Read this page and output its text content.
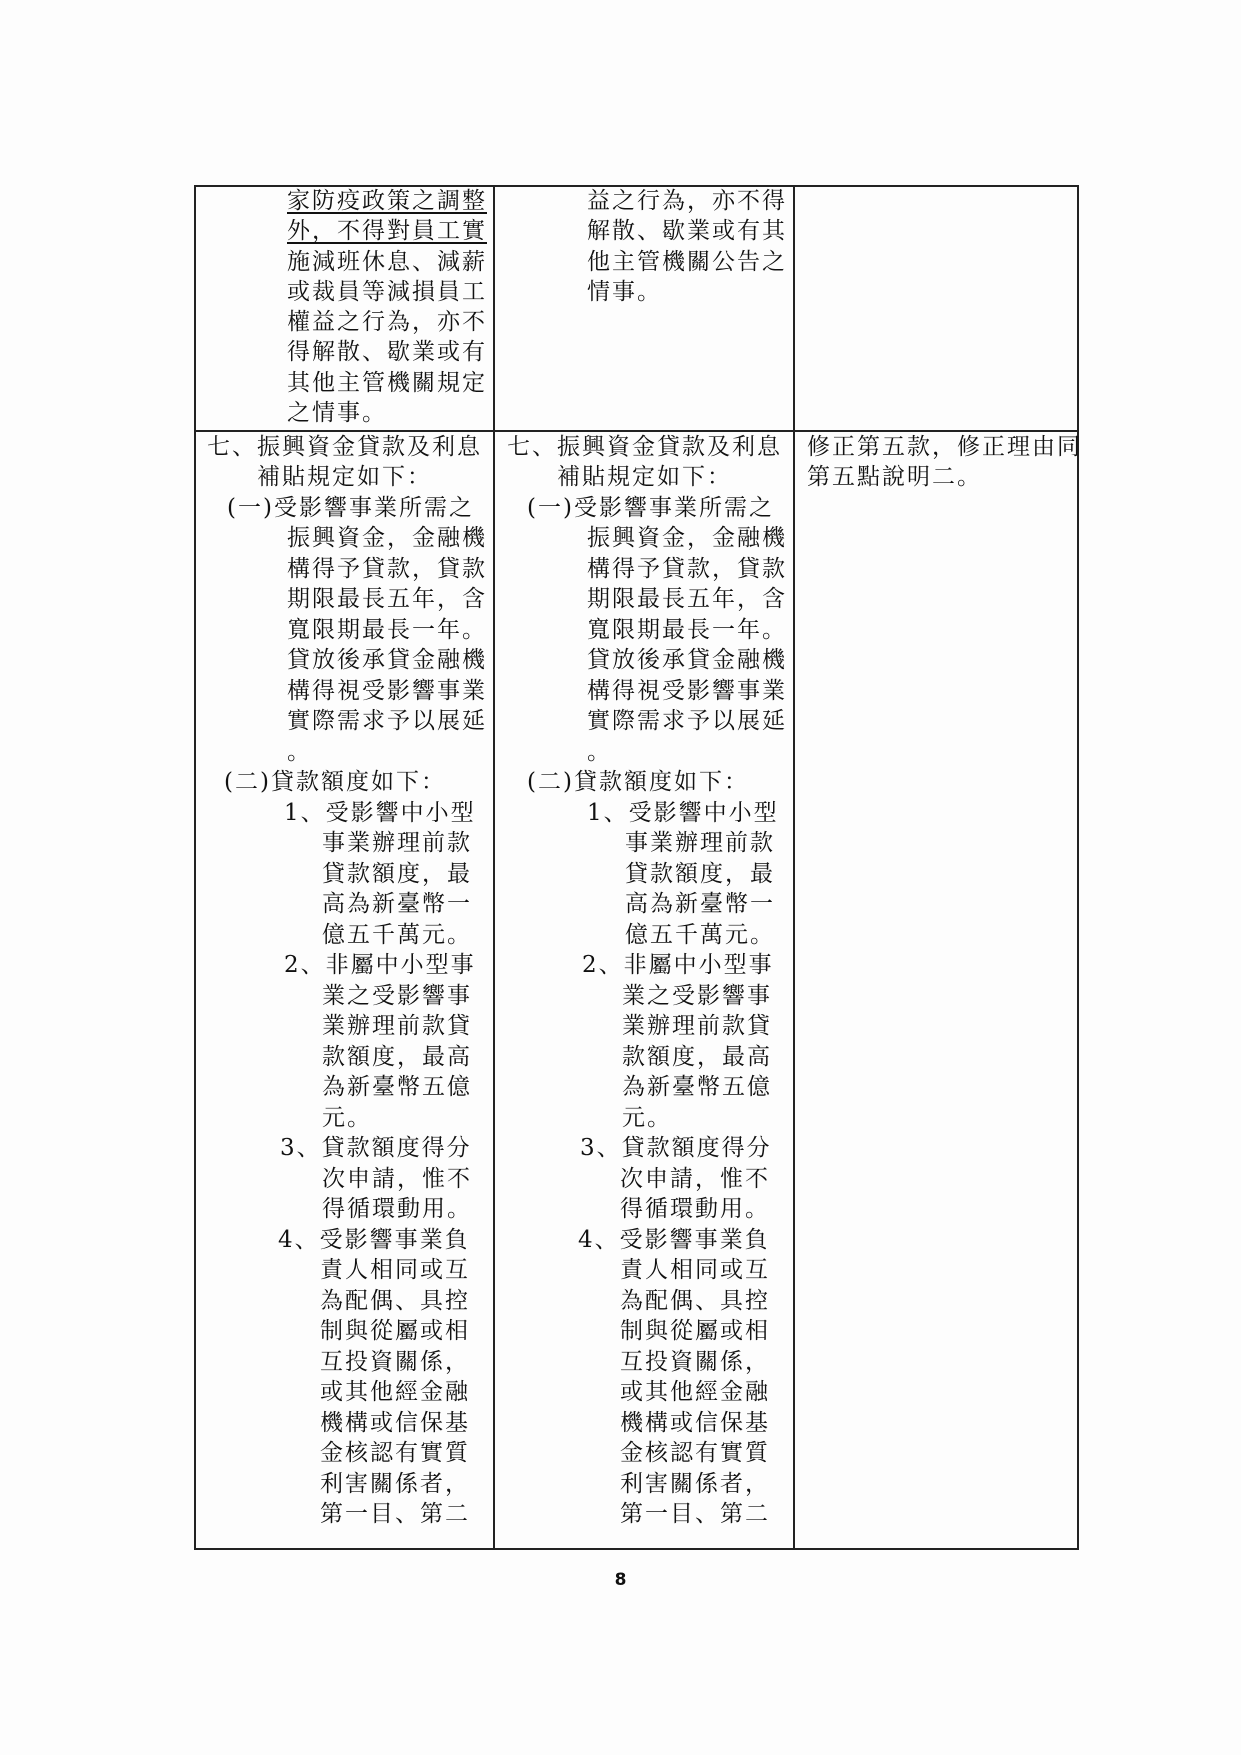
家防疫政策之調整
外，不得對員工實
施減班休息、減薪
或裁員等減損員工
權益之行為，亦不
得解散、歇業或有
其他主管機關規定
之情事。
益之行為，亦不得
解散、歇業或有其
他主管機關公告之
情事。
七、振興資金貸款及利息
補貼規定如下：
(一)受影響事業所需之
振興資金，金融機
構得予貸款，貸款
期限最長五年，含
寬限期最長一年。
貸放後承貸金融機
構得視受影響事業
實際需求予以展延
。
(二)貸款額度如下：
1、受影響中小型
事業辦理前款
貸款額度，最
高為新臺幣一
億五千萬元。
2、非屬中小型事
業之受影響事
業辦理前款貸
款額度，最高
為新臺幣五億
元。
3、貸款額度得分
次申請，惟不
得循環動用。
4、受影響事業負
責人相同或互
為配偶、具控
制與從屬或相
互投資關係，
或其他經金融
機構或信保基
金核認有實質
利害關係者，
第一目、第二
七、振興資金貸款及利息
補貼規定如下：
(一)受影響事業所需之
振興資金，金融機
構得予貸款，貸款
期限最長五年，含
寬限期最長一年。
貸放後承貸金融機
構得視受影響事業
實際需求予以展延
。
(二)貸款額度如下：
1、受影響中小型
事業辦理前款
貸款額度，最
高為新臺幣一
億五千萬元。
2、非屬中小型事
業之受影響事
業辦理前款貸
款額度，最高
為新臺幣五億
元。
3、貸款額度得分
次申請，惟不
得循環動用。
4、受影響事業負
責人相同或互
為配偶、具控
制與從屬或相
互投資關係，
或其他經金融
機構或信保基
金核認有實質
利害關係者，
第一目、第二
修正第五款，修正理由同
第五點說明二。
8
